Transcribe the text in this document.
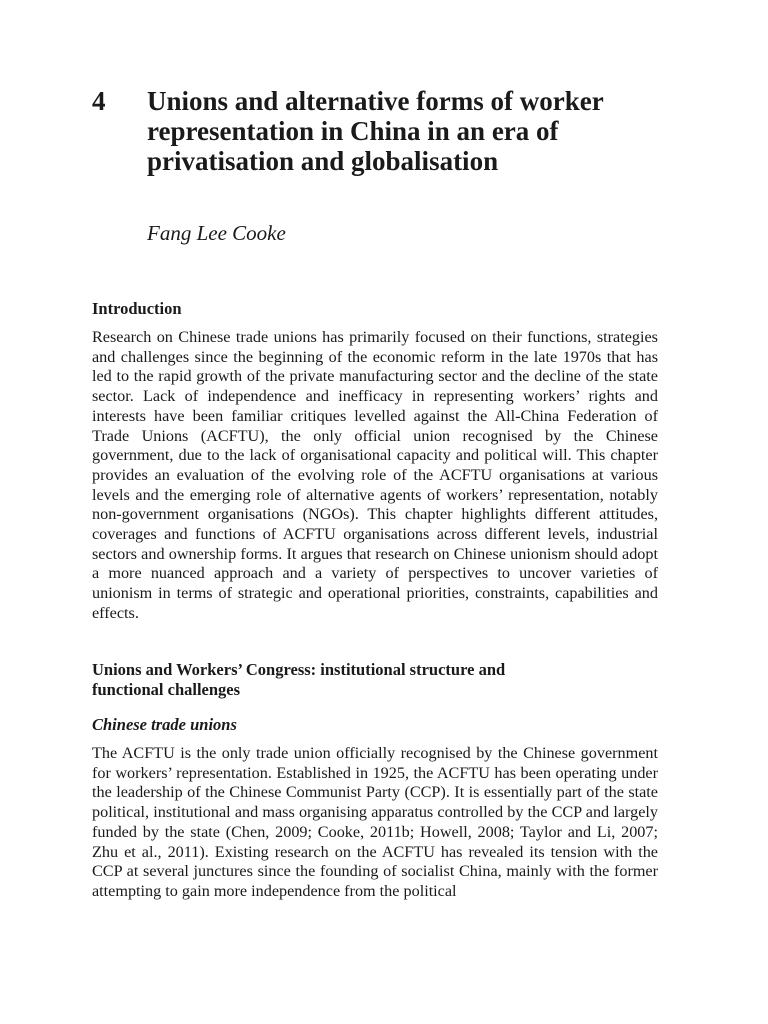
4 Unions and alternative forms of worker representation in China in an era of privatisation and globalisation
Fang Lee Cooke
Introduction

Research on Chinese trade unions has primarily focused on their functions, strategies and challenges since the beginning of the economic reform in the late 1970s that has led to the rapid growth of the private manufacturing sector and the decline of the state sector. Lack of independence and inefficacy in representing workers’ rights and interests have been familiar critiques levelled against the All-China Federation of Trade Unions (ACFTU), the only official union recognised by the Chinese government, due to the lack of organisational capacity and political will. This chapter provides an evaluation of the evolving role of the ACFTU organisations at various levels and the emerging role of alternative agents of workers’ representation, notably non-government organisations (NGOs). This chapter highlights different attitudes, coverages and functions of ACFTU organisations across different levels, industrial sectors and ownership forms. It argues that research on Chinese unionism should adopt a more nuanced approach and a variety of perspectives to uncover varieties of unionism in terms of strategic and operational priorities, constraints, capabilities and effects.

Unions and Workers’ Congress: institutional structure and functional challenges
Chinese trade unions

The ACFTU is the only trade union officially recognised by the Chinese government for workers’ representation. Established in 1925, the ACFTU has been operating under the leadership of the Chinese Communist Party (CCP). It is essentially part of the state political, institutional and mass organising apparatus controlled by the CCP and largely funded by the state (Chen, 2009; Cooke, 2011b; Howell, 2008; Taylor and Li, 2007; Zhu et al., 2011). Existing research on the ACFTU has revealed its tension with the CCP at several junctures since the founding of socialist China, mainly with the former attempting to gain more independence from the political
